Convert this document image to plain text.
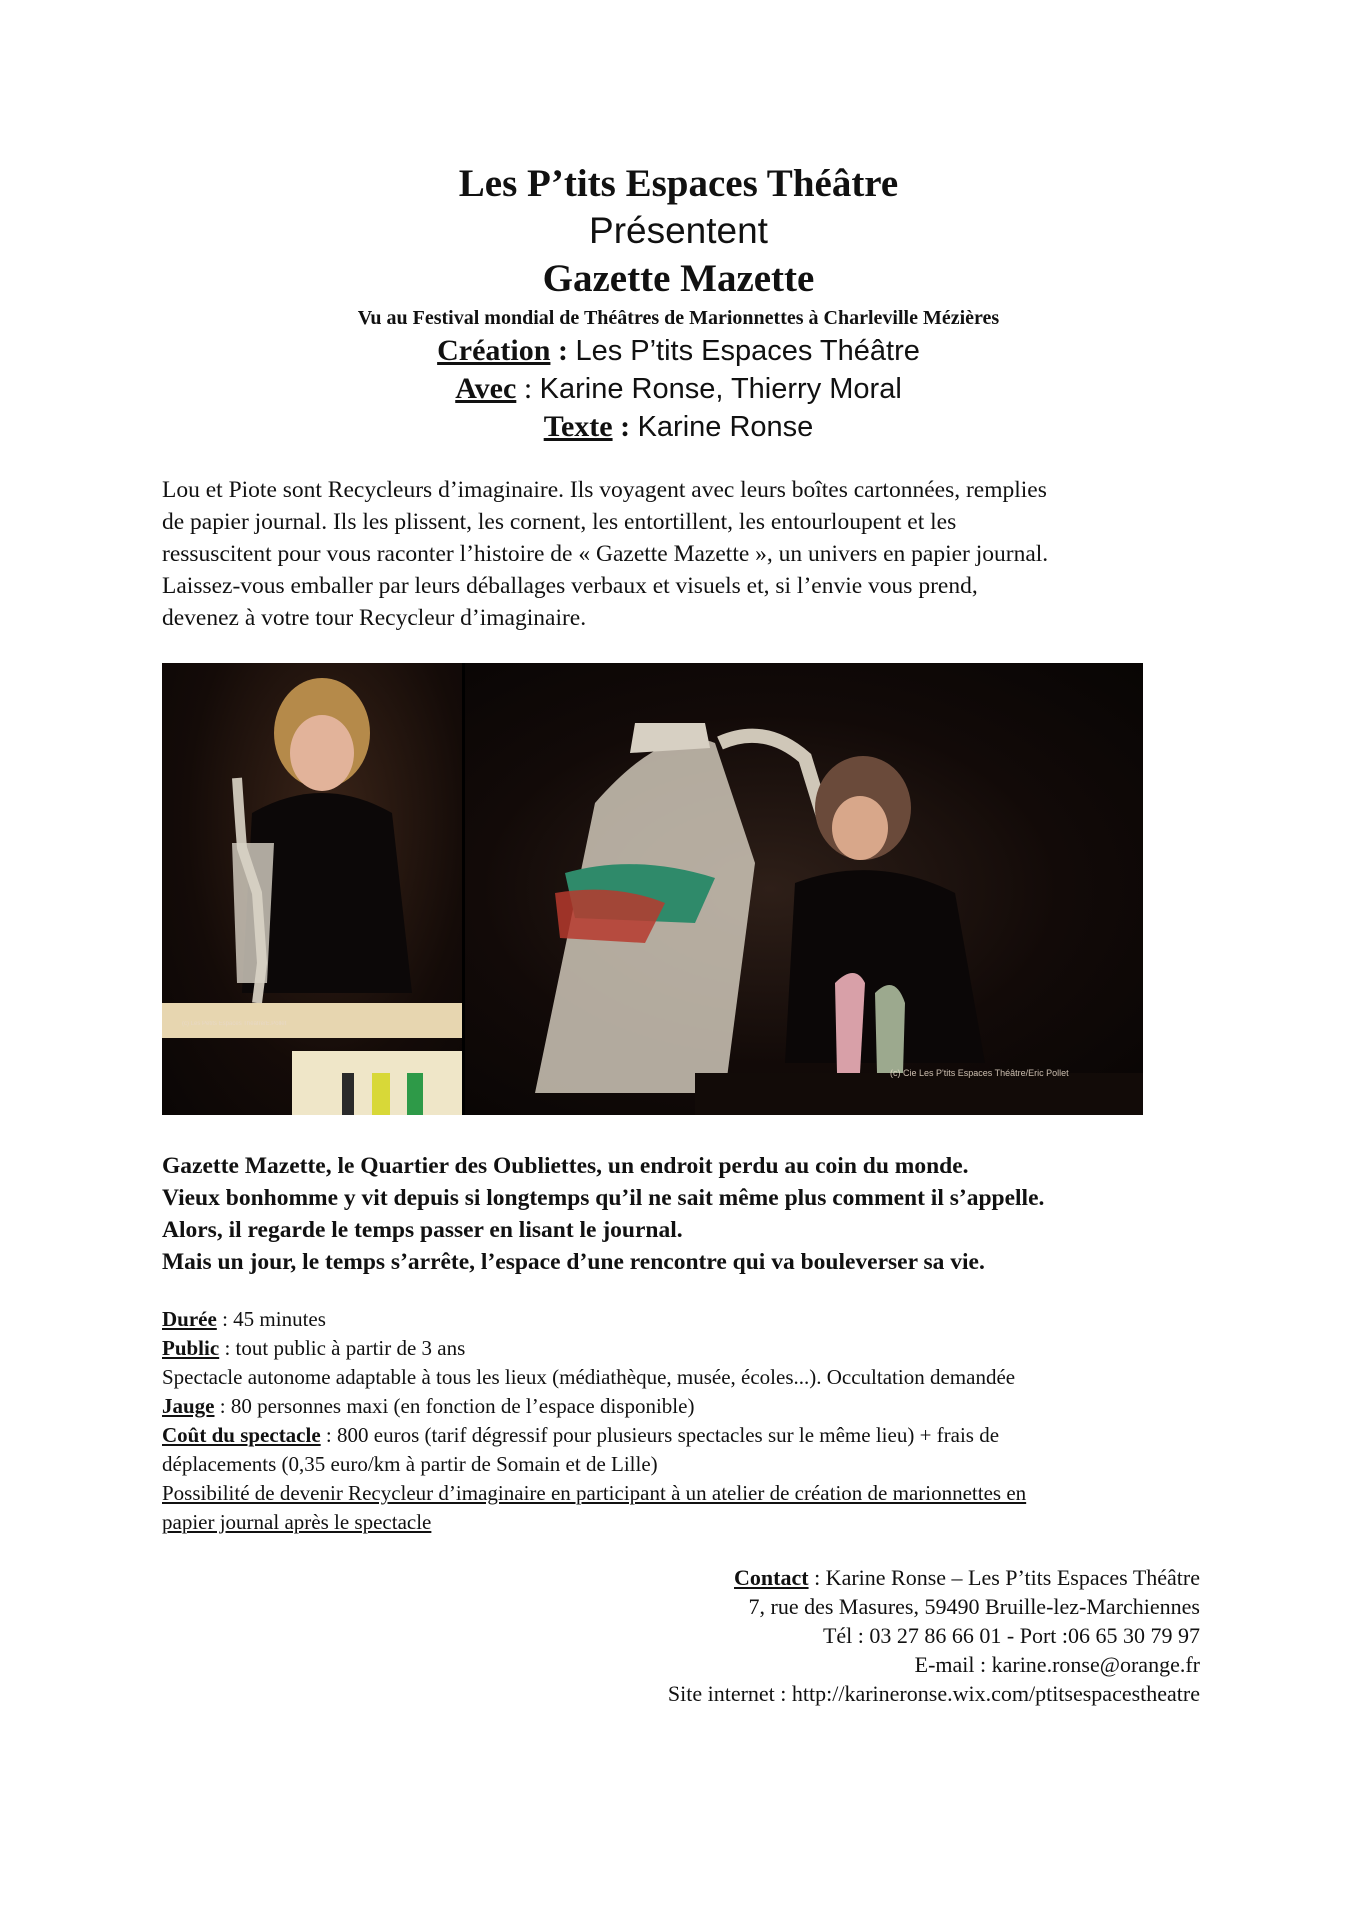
Les P’tits Espaces Théâtre
Présentent
Gazette Mazette
Vu au Festival mondial de Théâtres de Marionnettes à Charleville Mézières
Création : Les P’tits Espaces Théâtre
Avec : Karine Ronse, Thierry Moral
Texte : Karine Ronse
Lou et Piote sont Recycleurs d’imaginaire. Ils voyagent avec leurs boîtes cartonnées, remplies
de papier journal. Ils les plissent, les cornent, les entortillent, les entourloupent et les
ressuscitent pour vous raconter l’histoire de « Gazette Mazette », un univers en papier journal.
Laissez-vous emballer par leurs déballages verbaux et visuels et, si l’envie vous prend,
devenez à votre tour Recycleur d’imaginaire.
(c) Les Petits Espaces Théâtre/E.Pollet
(c) Cie Les P'tits Espaces Théâtre/Eric Pollet
Gazette Mazette, le Quartier des Oubliettes, un endroit perdu au coin du monde.
Vieux bonhomme y vit depuis si longtemps qu’il ne sait même plus comment il s’appelle.
Alors, il regarde le temps passer en lisant le journal.
Mais un jour, le temps s’arrête, l’espace d’une rencontre qui va bouleverser sa vie.
Durée : 45 minutes
Public : tout public à partir de 3 ans
Spectacle autonome adaptable à tous les lieux (médiathèque, musée, écoles...). Occultation demandée
Jauge : 80 personnes maxi (en fonction de l’espace disponible)
Coût du spectacle : 800 euros (tarif dégressif pour plusieurs spectacles sur le même lieu) + frais de
déplacements (0,35 euro/km à partir de Somain et de Lille)
Possibilité de devenir Recycleur d’imaginaire en participant à un atelier de création de marionnettes en
papier journal après le spectacle
Contact : Karine Ronse – Les P’tits Espaces Théâtre
7, rue des Masures, 59490 Bruille-lez-Marchiennes
Tél : 03 27 86 66 01 - Port :06 65 30 79 97
E-mail : karine.ronse@orange.fr
Site internet : http://karineronse.wix.com/ptitsespacestheatre
